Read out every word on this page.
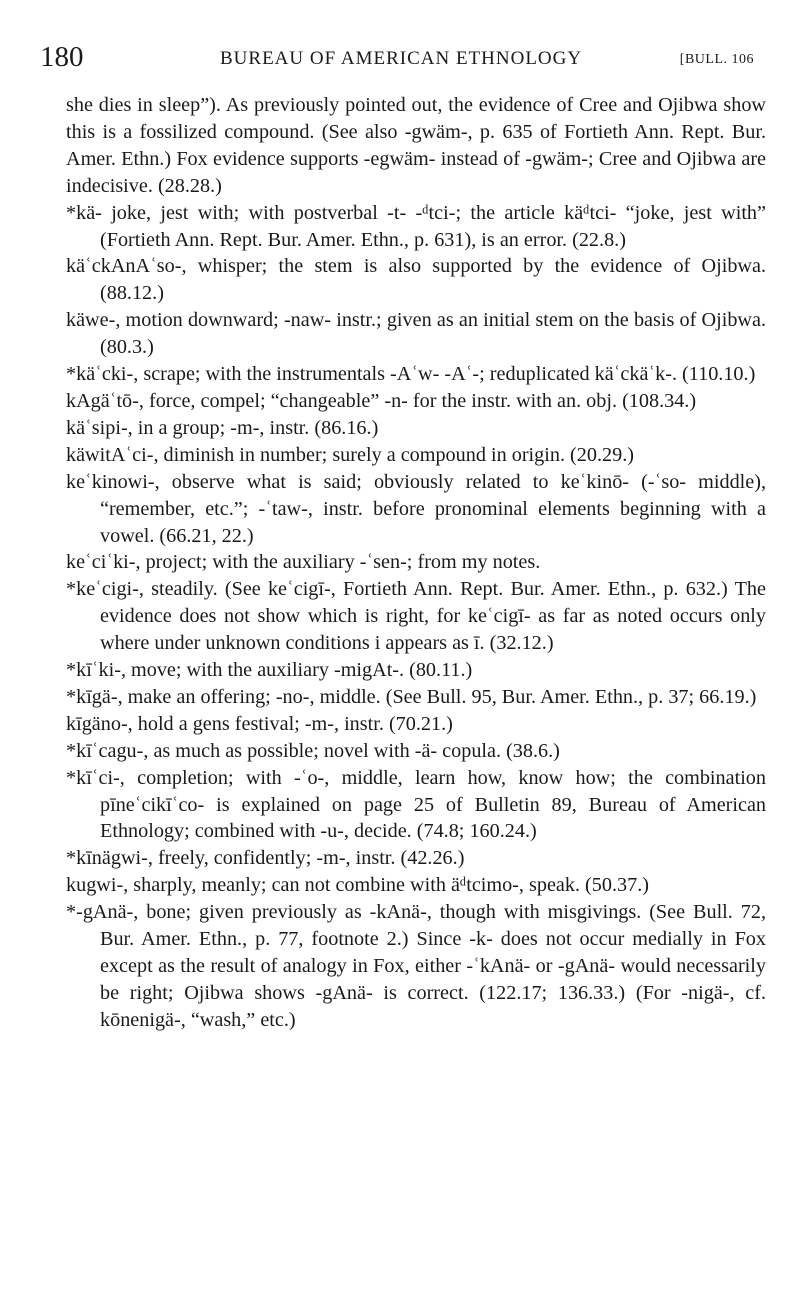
180	BUREAU OF AMERICAN ETHNOLOGY	[BULL. 106

she dies in sleep”). As previously pointed out, the evidence of Cree and Ojibwa show this is a fossilized compound. (See also -gwäm-, p. 635 of Fortieth Ann. Rept. Bur. Amer. Ethn.) Fox evidence supports -egwäm- instead of -gwäm-; Cree and Ojibwa are indecisive. (28.28.)

*kä- joke, jest with; with postverbal -t- -ᵈtci-; the article käᵈtci- “joke, jest with” (Fortieth Ann. Rept. Bur. Amer. Ethn., p. 631), is an error. (22.8.)

käʿckAnAʿso-, whisper; the stem is also supported by the evidence of Ojibwa. (88.12.)

käwe-, motion downward; -naw- instr.; given as an initial stem on the basis of Ojibwa. (80.3.)

*käʿcki-, scrape; with the instrumentals -Aʿw- -Aʿ-; reduplicated käʿckäʿk-. (110.10.)

kAgäʿtō-, force, compel; “changeable” -n- for the instr. with an. obj. (108.34.)

käʿsipi-, in a group; -m-, instr. (86.16.)

käwitAʿci-, diminish in number; surely a compound in origin. (20.29.)

keʿkinowi-, observe what is said; obviously related to keʿkinō- (-ʿso- middle), “remember, etc.”; -ʿtaw-, instr. before pronominal elements beginning with a vowel. (66.21, 22.)

keʿciʿki-, project; with the auxiliary -ʿsen-; from my notes.

*keʿcigi-, steadily. (See keʿcigī-, Fortieth Ann. Rept. Bur. Amer. Ethn., p. 632.) The evidence does not show which is right, for keʿcigī- as far as noted occurs only where under unknown conditions i appears as ī. (32.12.)

*kīʿki-, move; with the auxiliary -migAt-. (80.11.)

*kīgä-, make an offering; -no-, middle. (See Bull. 95, Bur. Amer. Ethn., p. 37; 66.19.)

kīgäno-, hold a gens festival; -m-, instr. (70.21.)

*kīʿcagu-, as much as possible; novel with -ä- copula. (38.6.)

*kīʿci-, completion; with -ʿo-, middle, learn how, know how; the combination pīneʿcikīʿco- is explained on page 25 of Bulletin 89, Bureau of American Ethnology; combined with -u-, decide. (74.8; 160.24.)

*kīnägwi-, freely, confidently; -m-, instr. (42.26.)

kugwi-, sharply, meanly; can not combine with äᵈtcimo-, speak. (50.37.)

*-gAnä-, bone; given previously as -kAnä-, though with misgivings. (See Bull. 72, Bur. Amer. Ethn., p. 77, footnote 2.) Since -k- does not occur medially in Fox except as the result of analogy in Fox, either -ʿkAnä- or -gAnä- would necessarily be right; Ojibwa shows -gAnä- is correct. (122.17; 136.33.) (For -nigä-, cf. kōnenigä-, “wash,” etc.)
